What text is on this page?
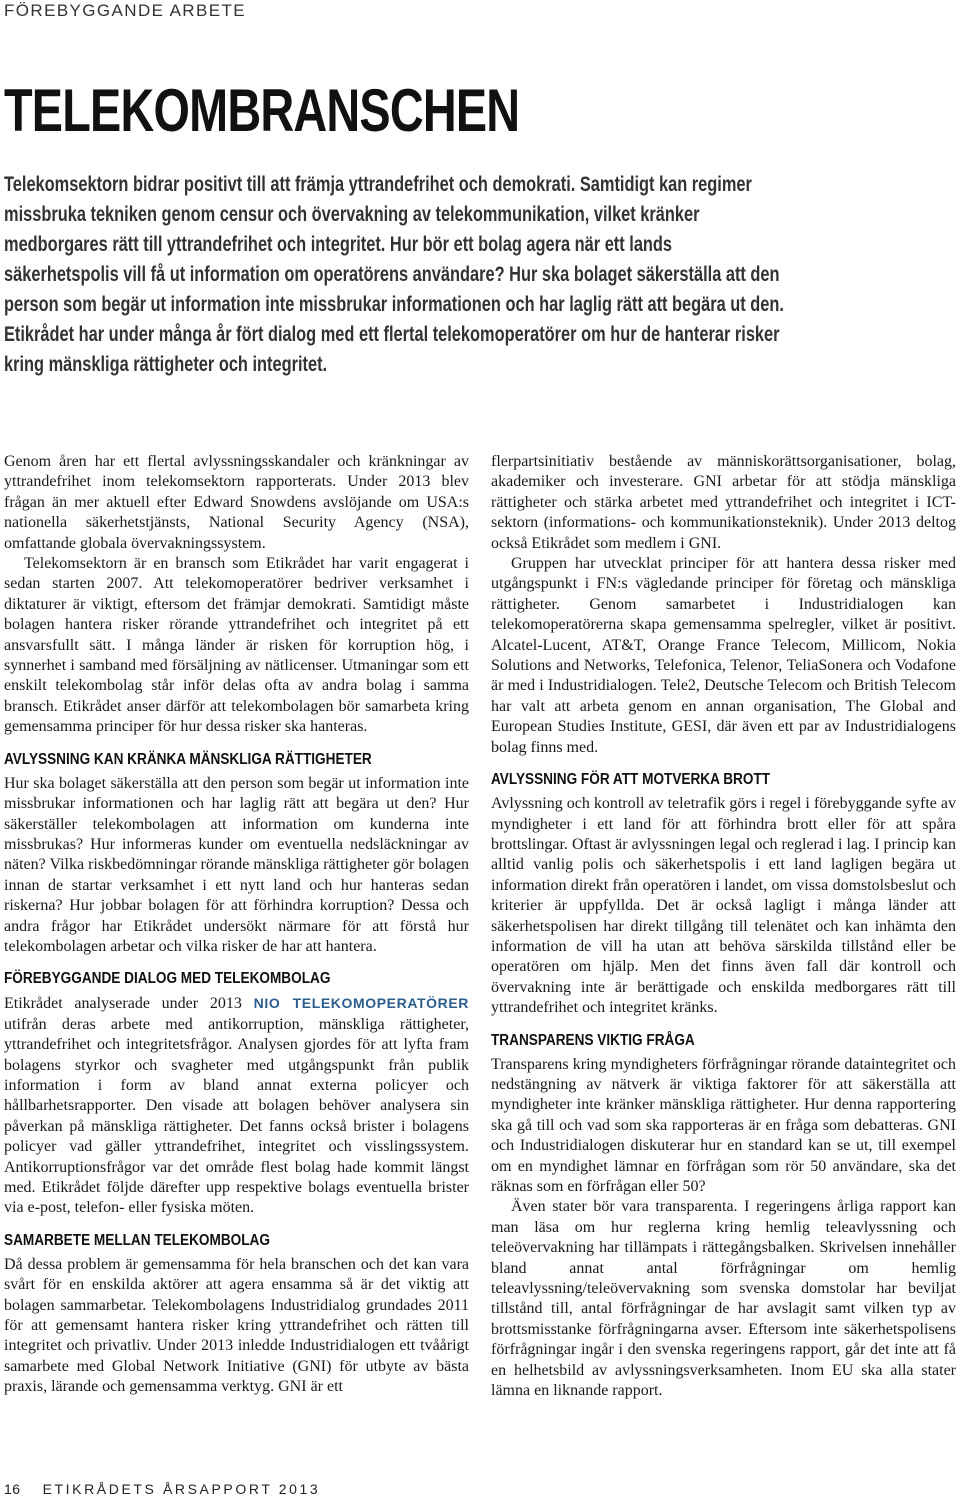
FÖREBYGGANDE ARBETE
TELEKOMBRANSCHEN

Telekomsektorn bidrar positivt till att främja yttrandefrihet och demokrati. Samtidigt kan regimer missbruka tekniken genom censur och övervakning av telekommunikation, vilket kränker medborgares rätt till yttrandefrihet och integritet. Hur bör ett bolag agera när ett lands säkerhetspolis vill få ut information om operatörens användare? Hur ska bolaget säkerställa att den person som begär ut information inte missbrukar informationen och har laglig rätt att begära ut den. Etikrådet har under många år fört dialog med ett flertal telekomoperatörer om hur de hanterar risker kring mänskliga rättigheter och integritet.

Genom åren har ett flertal avlyssningsskandaler och kränkningar av yttrandefrihet inom telekomsektorn rapporterats. Under 2013 blev frågan än mer aktuell efter Edward Snowdens avslöjande om USA:s nationella säkerhetstjänsts, National Security Agency (NSA), omfattande globala övervakningssystem.

Telekomsektorn är en bransch som Etikrådet har varit engagerat i sedan starten 2007. Att telekomoperatörer bedriver verksamhet i diktaturer är viktigt, eftersom det främjar demokrati. Samtidigt måste bolagen hantera risker rörande yttrandefrihet och integritet på ett ansvarsfullt sätt. I många länder är risken för korruption hög, i synnerhet i samband med försäljning av nätlicenser. Utmaningar som ett enskilt telekombolag står inför delas ofta av andra bolag i samma bransch. Etikrådet anser därför att telekombolagen bör samarbeta kring gemensamma principer för hur dessa risker ska hanteras.

AVLYSSNING KAN KRÄNKA MÄNSKLIGA RÄTTIGHETER

Hur ska bolaget säkerställa att den person som begär ut information inte missbrukar informationen och har laglig rätt att begära ut den? Hur säkerställer telekombolagen att information om kunderna inte missbrukas? Hur informeras kunder om eventuella nedsläckningar av näten? Vilka riskbedömningar rörande mänskliga rättigheter gör bolagen innan de startar verksamhet i ett nytt land och hur hanteras sedan riskerna? Hur jobbar bolagen för att förhindra korruption? Dessa och andra frågor har Etikrådet undersökt närmare för att förstå hur telekombolagen arbetar och vilka risker de har att hantera.

FÖREBYGGANDE DIALOG MED TELEKOMBOLAG

Etikrådet analyserade under 2013 NIO TELEKOMOPERATÖRER utifrån deras arbete med antikorruption, mänskliga rättigheter, yttrandefrihet och integritetsfrågor. Analysen gjordes för att lyfta fram bolagens styrkor och svagheter med utgångspunkt från publik information i form av bland annat externa policyer och hållbarhetsrapporter. Den visade att bolagen behöver analysera sin påverkan på mänskliga rättigheter. Det fanns också brister i bolagens policyer vad gäller yttrandefrihet, integritet och visslingssystem. Antikorruptionsfrågor var det område flest bolag hade kommit längst med. Etikrådet följde därefter upp respektive bolags eventuella brister via e-post, telefon- eller fysiska möten.

SAMARBETE MELLAN TELEKOMBOLAG

Då dessa problem är gemensamma för hela branschen och det kan vara svårt för en enskilda aktörer att agera ensamma så är det viktig att bolagen sammarbetar. Telekombolagens Industridialog grundades 2011 för att gemensamt hantera risker kring yttrandefrihet och rätten till integritet och privatliv. Under 2013 inledde Industridialogen ett tvåårigt samarbete med Global Network Initiative (GNI) för utbyte av bästa praxis, lärande och gemensamma verktyg. GNI är ett

flerpartsinitiativ bestående av människorättsorganisationer, bolag, akademiker och investerare. GNI arbetar för att stödja mänskliga rättigheter och stärka arbetet med yttrandefrihet och integritet i ICT-sektorn (informations- och kommunikationsteknik). Under 2013 deltog också Etikrådet som medlem i GNI.

Gruppen har utvecklat principer för att hantera dessa risker med utgångspunkt i FN:s vägledande principer för företag och mänskliga rättigheter. Genom samarbetet i Industridialogen kan telekomoperatörerna skapa gemensamma spelregler, vilket är positivt. Alcatel-Lucent, AT&T, Orange France Telecom, Millicom, Nokia Solutions and Networks, Telefonica, Telenor, TeliaSonera och Vodafone är med i Industridialogen. Tele2, Deutsche Telecom och British Telecom har valt att arbeta genom en annan organisation, The Global and European Studies Institute, GESI, där även ett par av Industridialogens bolag finns med.

AVLYSSNING FÖR ATT MOTVERKA BROTT

Avlyssning och kontroll av teletrafik görs i regel i förebyggande syfte av myndigheter i ett land för att förhindra brott eller för att spåra brottslingar. Oftast är avlyssningen legal och reglerad i lag. I princip kan alltid vanlig polis och säkerhetspolis i ett land lagligen begära ut information direkt från operatören i landet, om vissa domstolsbeslut och kriterier är uppfyllda. Det är också lagligt i många länder att säkerhetspolisen har direkt tillgång till telenätet och kan inhämta den information de vill ha utan att behöva särskilda tillstånd eller be operatören om hjälp. Men det finns även fall där kontroll och övervakning inte är berättigade och enskilda medborgares rätt till yttrandefrihet och integritet kränks.

TRANSPARENS VIKTIG FRÅGA

Transparens kring myndigheters förfrågningar rörande dataintegritet och nedstängning av nätverk är viktiga faktorer för att säkerställa att myndigheter inte kränker mänskliga rättigheter. Hur denna rapportering ska gå till och vad som ska rapporteras är en fråga som debatteras. GNI och Industridialogen diskuterar hur en standard kan se ut, till exempel om en myndighet lämnar en förfrågan som rör 50 användare, ska det räknas som en förfrågan eller 50?

Även stater bör vara transparenta. I regeringens årliga rapport kan man läsa om hur reglerna kring hemlig teleavlyssning och teleövervakning har tillämpats i rättegångsbalken. Skrivelsen innehåller bland annat antal förfrågningar om hemlig teleavlyssning/teleövervakning som svenska domstolar har beviljat tillstånd till, antal förfrågningar de har avslagit samt vilken typ av brottsmisstanke förfrågningarna avser. Eftersom inte säkerhetspolisens förfrågningar ingår i den svenska regeringens rapport, går det inte att få en helhetsbild av avlyssningsverksamheten. Inom EU ska alla stater lämna en liknande rapport.

16 ETIKRÅDETS ÅRSAPPORT 2013
